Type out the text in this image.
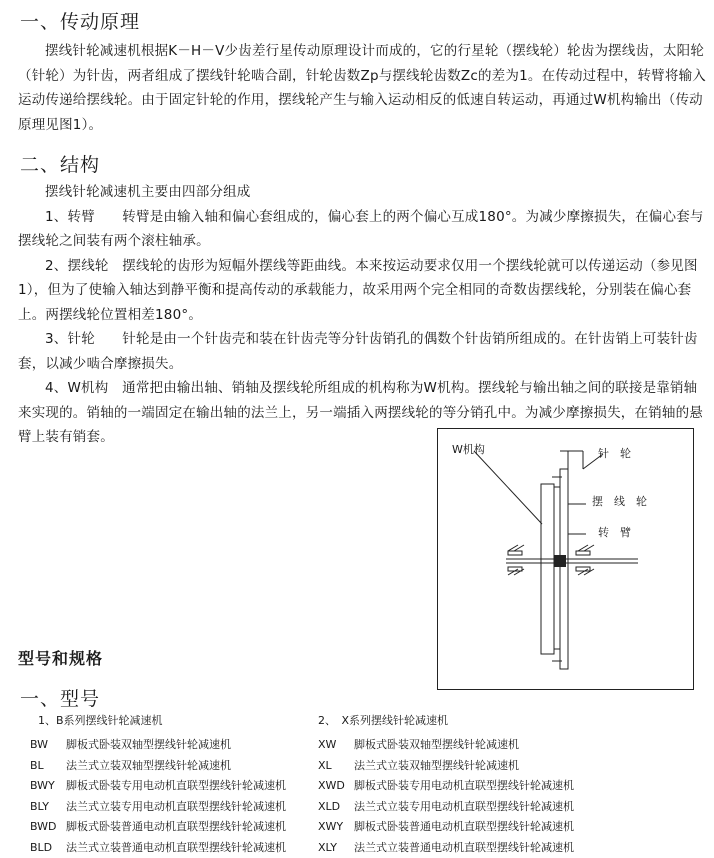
一、传动原理
摆线针轮减速机根据K－H－V少齿差行星传动原理设计而成的，它的行星轮（摆线轮）轮齿为摆线齿，太阳轮
（针轮）为针齿，两者组成了摆线针轮啮合副，针轮齿数Zp与摆线轮齿数Zc的差为1。在传动过程中，转臂将输入
运动传递给摆线轮。由于固定针轮的作用，摆线轮产生与输入运动相反的低速自转运动，再通过W机构输出（传动
原理见图1）。
二、结构
摆线针轮减速机主要由四部分组成
1、转臂　　转臂是由输入轴和偏心套组成的，偏心套上的两个偏心互成180°。为减少摩擦损失，在偏心套与
摆线轮之间装有两个滚柱轴承。
2、摆线轮　摆线轮的齿形为短幅外摆线等距曲线。本来按运动要求仅用一个摆线轮就可以传递运动（参见图
1），但为了使输入轴达到静平衡和提高传动的承载能力，故采用两个完全相同的奇数齿摆线轮，分别装在偏心套
上。两摆线轮位置相差180°。
3、针轮　　针轮是由一个针齿壳和装在针齿壳等分针齿销孔的偶数个针齿销所组成的。在针齿销上可装针齿
套，以减少啮合摩擦损失。
4、W机构　通常把由输出轴、销轴及摆线轮所组成的机构称为W机构。摆线轮与输出轴之间的联接是靠销轴
来实现的。销轴的一端固定在输出轴的法兰上，另一端插入两摆线轮的等分销孔中。为减少摩擦损失，在销轴的悬
臂上装有销套。
W机构	针　轮
摆　线　轮
转　臂
型号和规格
一、型号
1、B系列摆线针轮减速机	2、　X系列摆线针轮减速机
BW 脚板式卧装双轴型摆线针轮减速机
BL 法兰式立装双轴型摆线针轮减速机
BWY 脚板式卧装专用电动机直联型摆线针轮减速机
BLY 法兰式立装专用电动机直联型摆线针轮减速机
BWD 脚板式卧装普通电动机直联型摆线针轮减速机
BLD 法兰式立装普通电动机直联型摆线针轮减速机
XW 脚板式卧装双轴型摆线针轮减速机
XL 法兰式立装双轴型摆线针轮减速机
XWD 脚板式卧装专用电动机直联型摆线针轮减速机
XLD 法兰式立装专用电动机直联型摆线针轮减速机
XWY 脚板式卧装普通电动机直联型摆线针轮减速机
XLY 法兰式立装普通电动机直联型摆线针轮减速机
